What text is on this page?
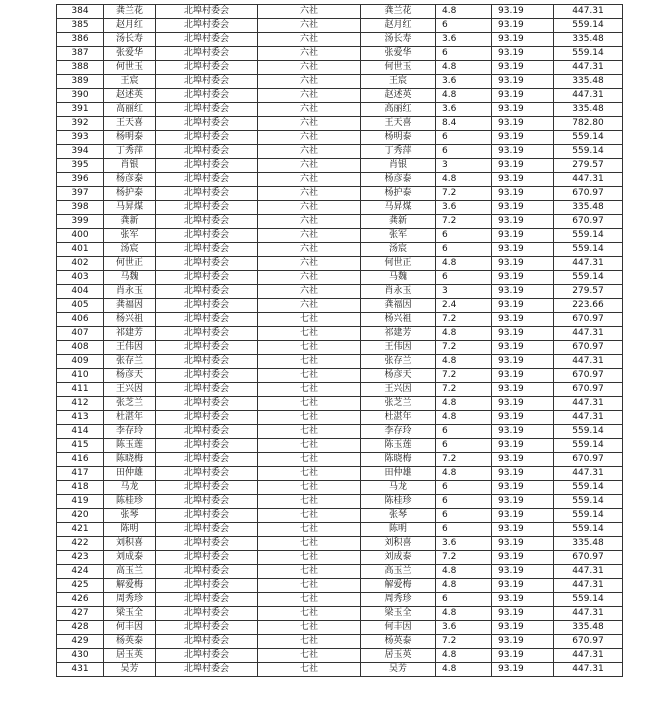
384	龚兰花	北埠村委会	六社	龚兰花	4.8	93.19	447.31
385	赵月红	北埠村委会	六社	赵月红	6	93.19	559.14
386	汤长寿	北埠村委会	六社	汤长寿	3.6	93.19	335.48
387	张爱华	北埠村委会	六社	张爱华	6	93.19	559.14
388	何世玉	北埠村委会	六社	何世玉	4.8	93.19	447.31
389	王宸	北埠村委会	六社	王宸	3.6	93.19	335.48
390	赵述英	北埠村委会	六社	赵述英	4.8	93.19	447.31
391	高丽红	北埠村委会	六社	高丽红	3.6	93.19	335.48
392	王天喜	北埠村委会	六社	王天喜	8.4	93.19	782.80
393	杨明泰	北埠村委会	六社	杨明泰	6	93.19	559.14
394	丁秀萍	北埠村委会	六社	丁秀萍	6	93.19	559.14
395	肖银	北埠村委会	六社	肖银	3	93.19	279.57
396	杨彦泰	北埠村委会	六社	杨彦泰	4.8	93.19	447.31
397	杨护泰	北埠村委会	六社	杨护泰	7.2	93.19	670.97
398	马昇煤	北埠村委会	六社	马昇煤	3.6	93.19	335.48
399	龚新	北埠村委会	六社	龚新	7.2	93.19	670.97
400	张军	北埠村委会	六社	张军	6	93.19	559.14
401	汤宸	北埠村委会	六社	汤宸	6	93.19	559.14
402	何世正	北埠村委会	六社	何世正	4.8	93.19	447.31
403	马魏	北埠村委会	六社	马魏	6	93.19	559.14
404	肖永玉	北埠村委会	六社	肖永玉	3	93.19	279.57
405	龚福因	北埠村委会	六社	龚福因	2.4	93.19	223.66
406	杨兴祖	北埠村委会	七社	杨兴祖	7.2	93.19	670.97
407	祁建芳	北埠村委会	七社	祁建芳	4.8	93.19	447.31
408	王伟因	北埠村委会	七社	王伟因	7.2	93.19	670.97
409	张存兰	北埠村委会	七社	张存兰	4.8	93.19	447.31
410	杨彦天	北埠村委会	七社	杨彦天	7.2	93.19	670.97
411	王兴因	北埠村委会	七社	王兴因	7.2	93.19	670.97
412	张芝兰	北埠村委会	七社	张芝兰	4.8	93.19	447.31
413	杜湛年	北埠村委会	七社	杜湛年	4.8	93.19	447.31
414	李存玲	北埠村委会	七社	李存玲	6	93.19	559.14
415	陈玉莲	北埠村委会	七社	陈玉莲	6	93.19	559.14
416	陈晓梅	北埠村委会	七社	陈晓梅	7.2	93.19	670.97
417	田仲雄	北埠村委会	七社	田仲雄	4.8	93.19	447.31
418	马龙	北埠村委会	七社	马龙	6	93.19	559.14
419	陈桂珍	北埠村委会	七社	陈桂珍	6	93.19	559.14
420	张琴	北埠村委会	七社	张琴	6	93.19	559.14
421	陈明	北埠村委会	七社	陈明	6	93.19	559.14
422	刘积喜	北埠村委会	七社	刘积喜	3.6	93.19	335.48
423	刘成泰	北埠村委会	七社	刘成泰	7.2	93.19	670.97
424	高玉兰	北埠村委会	七社	高玉兰	4.8	93.19	447.31
425	解爱梅	北埠村委会	七社	解爱梅	4.8	93.19	447.31
426	周秀珍	北埠村委会	七社	周秀珍	6	93.19	559.14
427	梁玉全	北埠村委会	七社	梁玉全	4.8	93.19	447.31
428	何丰因	北埠村委会	七社	何丰因	3.6	93.19	335.48
429	杨英泰	北埠村委会	七社	杨英泰	7.2	93.19	670.97
430	居玉英	北埠村委会	七社	居玉英	4.8	93.19	447.31
431	吴芳	北埠村委会	七社	吴芳	4.8	93.19	447.31
